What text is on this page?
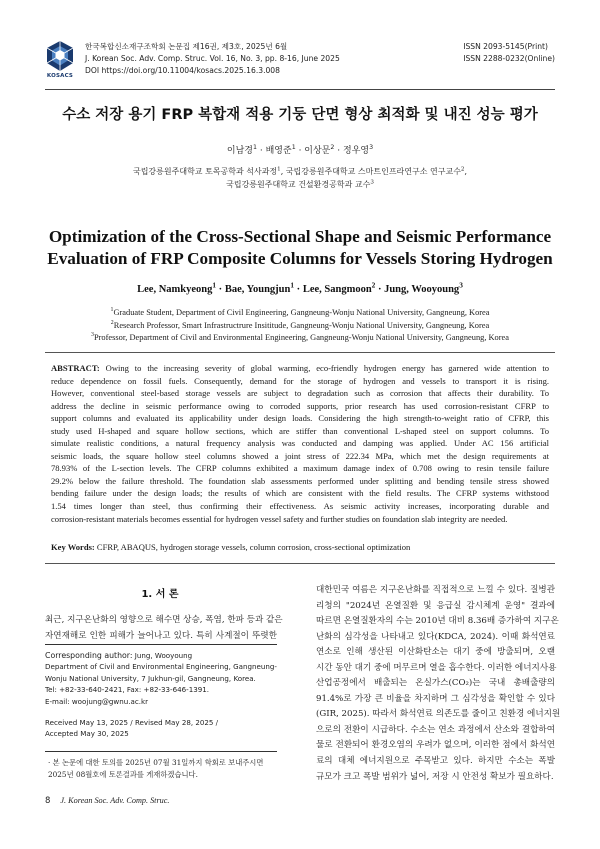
KOSACS
한국복합신소재구조학회 논문집 제16권, 제3호, 2025년 6월
J. Korean Soc. Adv. Comp. Struc. Vol. 16, No. 3, pp. 8-16, June 2025
DOI https://doi.org/10.11004/kosacs.2025.16.3.008
ISSN 2093-5145(Print)
ISSN 2288-0232(Online)
수소 저장 용기 FRP 복합재 적용 기둥 단면 형상 최적화 및 내진 성능 평가
이남경$^1$ · 배영준$^1$ · 이상문$^2$ · 정우영$^3$
국립강릉원주대학교 토목공학과 석사과정$^1$, 국립강릉원주대학교 스마트인프라연구소 연구교수$^2$,
국립강릉원주대학교 건설환경공학과 교수$^3$
Optimization of the Cross-Sectional Shape and Seismic Performance
Evaluation of FRP Composite Columns for Vessels Storing Hydrogen
Lee, Namkyeong$^1$ · Bae, Youngjun$^1$ · Lee, Sangmoon$^2$ · Jung, Wooyoung$^3$
$^1$Graduate Student, Department of Civil Engineering, Gangneung-Wonju National University, Gangneung, Korea
$^2$Research Professor, Smart Infrastructrure Insititude, Gangneung-Wonju National University, Gangneung, Korea
$^3$Professor, Department of Civil and Environmental Engineering, Gangneung-Wonju National University, Gangneung, Korea
ABSTRACT: Owing to the increasing severity of global warming, eco-friendly hydrogen energy has garnered wide attention to
reduce dependence on fossil fuels. Consequently, demand for the storage of hydrogen and vessels to transport it is rising.
However, conventional steel-based storage vessels are subject to degradation such as corrosion that affects their durability. To
address the decline in seismic performance owing to corroded supports, prior research has used corrosion-resistant CFRP to
support columns and evaluated its applicability under design loads. Considering the high strength-to-weight ratio of CFRP, this
study used H-shaped and square hollow sections, which are stiffer than conventional L-shaped steel on support columns. To
simulate realistic conditions, a natural frequency analysis was conducted and damping was applied. Under AC 156 artificial
seismic loads, the square hollow steel columns showed a joint stress of 222.34 MPa, which met the design requirements at
78.93% of the L-section levels. The CFRP columns exhibited a maximum damage index of 0.708 owing to resin tensile failure
29.2% below the failure threshold. The foundation slab assessments performed under splitting and bending tensile stress showed
bending failure under the design loads; the results of which are consistent with the field results. The CFRP systems withstood
1.54 times longer than steel, thus confirming their effectiveness. As seismic activity increases, incorporating durable and
corrosion-resistant materials becomes essential for hydrogen vessel safety and further studies on foundation slab integrity are needed.
Key Words: CFRP, ABAQUS, hydrogen storage vessels, column corrosion, cross-sectional optimization
1. 서 론
최근, 지구온난화의 영향으로 해수면 상승, 폭염, 한파 등과 같은
자연재해로 인한 피해가 늘어나고 있다. 특히 사계절이 뚜렷한
Corresponding author: Jung, Wooyoung
Department of Civil and Environmental Engineering, Gangneung-
Wonju National University, 7 Jukhun-gil, Gangneung, Korea.
Tel: +82-33-640-2421, Fax: +82-33-646-1391.
E-mail: woojung@gwnu.ac.kr
Received May 13, 2025 / Revised May 28, 2025 /
Accepted May 30, 2025
· 본 논문에 대한 토의를 2025년 07월 31일까지 학회로 보내주시면
2025년 08월호에 토론결과를 게재하겠습니다.
대한민국 여름은 지구온난화를 직접적으로 느낄 수 있다. 질병관
리청의 "2024년 온열질환 및 응급실 감시체계 운영" 결과에
따르면 온열질환자의 수는 2010년 대비 8.36배 증가하여 지구온
난화의 심각성을 나타내고 있다(KDCA, 2024). 이때 화석연료
연소로 인해 생산된 이산화탄소는 대기 중에 방출되며, 오랜
시간 동안 대기 중에 머무르며 열을 흡수한다. 이러한 에너지사용
산업공정에서 배출되는 온실가스(CO₂)는 국내 총배출량의
91.4%로 가장 큰 비율을 차지하며 그 심각성을 확인할 수 있다
(GIR, 2025). 따라서 화석연료 의존도를 줄이고 친환경 에너지원
으로의 전환이 시급하다. 수소는 연소 과정에서 산소와 결합하여
물로 전환되어 환경오염의 우려가 없으며, 이러한 점에서 화석연
료의 대체 에너지원으로 주목받고 있다. 하지만 수소는 폭발
규모가 크고 폭발 범위가 넓어, 저장 시 안전성 확보가 필요하다.
8 J. Korean Soc. Adv. Comp. Struc.
